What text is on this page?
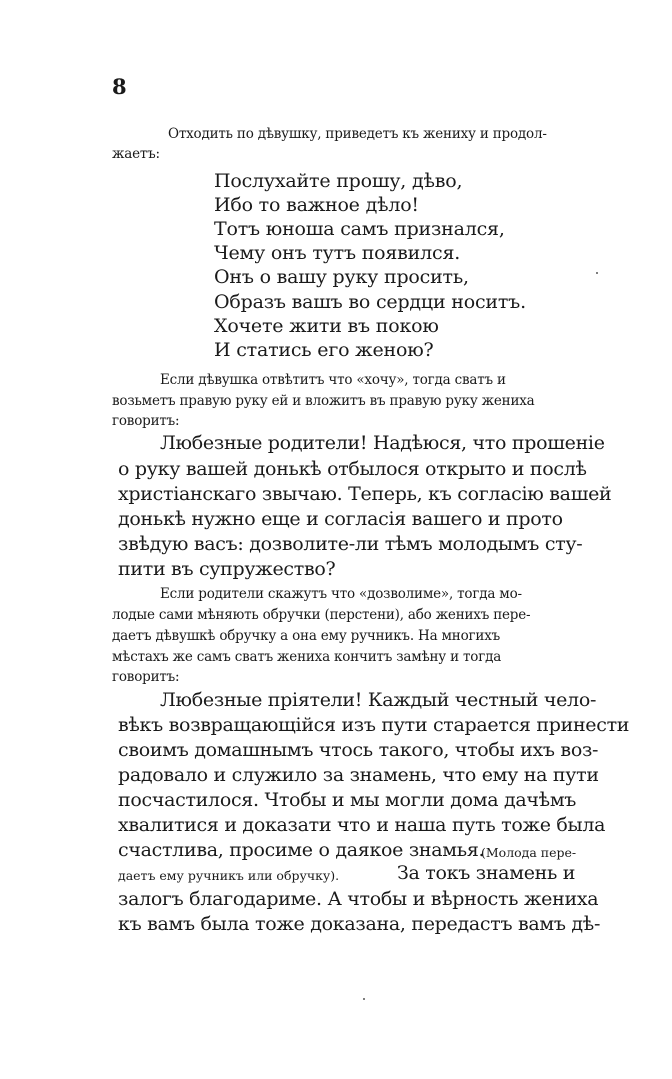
8
Отходить по дѣвушку, приведетъ къ жениху и продол-
жаетъ:
Послухайте прошу, дѣво,
Ибо то важное дѣло!
Тотъ юноша самъ признался,
Чему онъ тутъ появился.
Онъ о вашу руку просить,
Образъ вашъ во сердци носитъ.
Хочете жити въ покою
И статись его женою?
Если дѣвушка отвѣтитъ что «хочу», тогда сватъ и
возьметъ правую руку ей и вложитъ въ правую руку жениха
говоритъ:
Любезные родители! Надѣюся, что прошенiе
о руку вашей донькѣ отбылося открыто и послѣ
христiанскаго звычаю. Теперь, къ согласiю вашей
донькѣ нужно еще и согласiя вашего и прото
звѣдую васъ: дозволите-ли тѣмъ молодымъ сту-
пити въ супружество?
Если родители скажутъ что «дозволиме», тогда мо-
лодые сами мѣняють обручки (перстени), або женихъ пере-
даетъ дѣвушкѣ обручку а она ему ручникъ. На многихъ
мѣстахъ же самъ сватъ жениха кончитъ замѣну и тогда
говоритъ:
Любезные прiятели! Каждый честный чело-
вѣкъ возвращающiйся изъ пути старается принести
своимъ домашнымъ чтось такого, чтобы ихъ воз-
радовало и служило за знамень, что ему на пути
посчастилося. Чтобы и мы могли дома дачѣмъ
хвалитися и доказати что и наша путь тоже была
счастлива, просиме о даякое знамья.
(Молода пере-
даетъ ему ручникъ или обручку).	За токъ знамень и
залогъ благодариме. А чтобы и вѣрность жениха
къ вамъ была тоже доказана, передастъ вамъ дѣ-
